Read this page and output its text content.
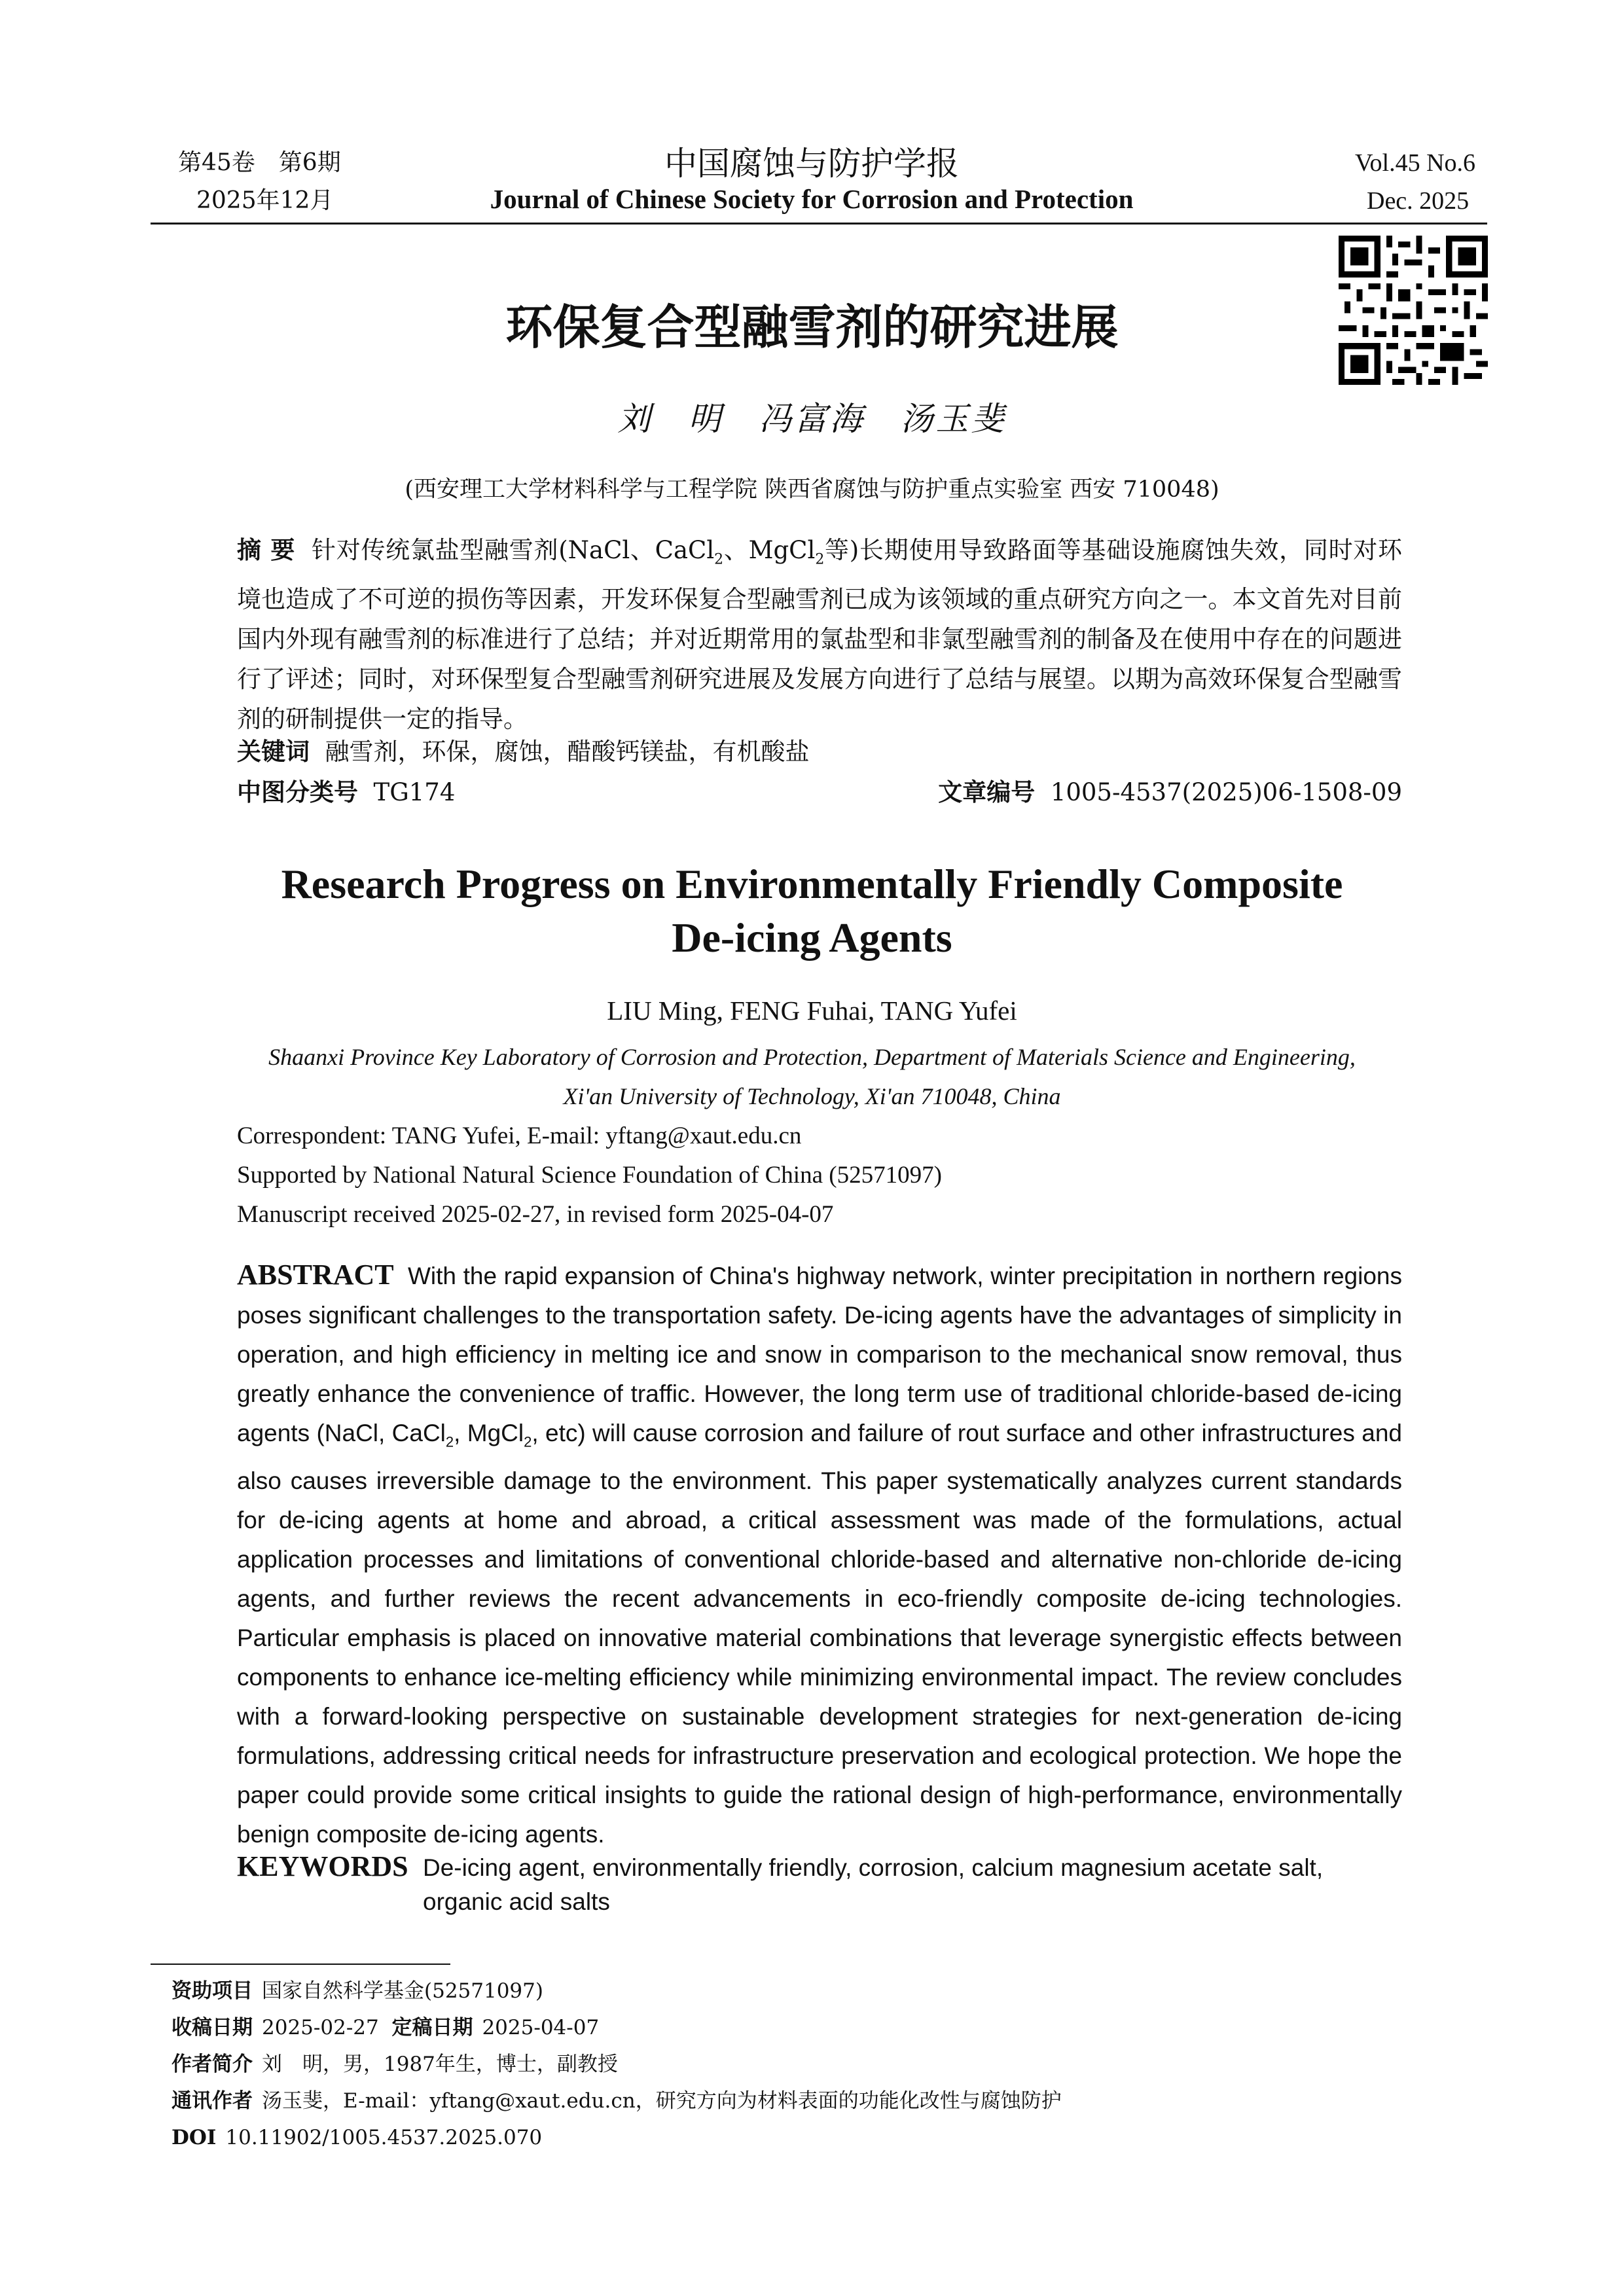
第45卷　第6期
2025年12月
中国腐蚀与防护学报
Journal of Chinese Society for Corrosion and Protection
Vol.45 No.6
Dec. 2025
环保复合型融雪剂的研究进展
刘　明　冯富海　汤玉斐
(西安理工大学材料科学与工程学院 陕西省腐蚀与防护重点实验室 西安 710048)
摘 要 针对传统氯盐型融雪剂(NaCl、CaCl$_2$、MgCl$_2$等)长期使用导致路面等基础设施腐蚀失效，同时对环境也造成了不可逆的损伤等因素，开发环保复合型融雪剂已成为该领域的重点研究方向之一。本文首先对目前国内外现有融雪剂的标准进行了总结；并对近期常用的氯盐型和非氯型融雪剂的制备及在使用中存在的问题进行了评述；同时，对环保型复合型融雪剂研究进展及发展方向进行了总结与展望。以期为高效环保复合型融雪剂的研制提供一定的指导。
关键词 融雪剂，环保，腐蚀，醋酸钙镁盐，有机酸盐
中图分类号 TG174	文章编号 1005-4537(2025)06-1508-09
Research Progress on Environmentally Friendly Composite
De-icing Agents
LIU Ming, FENG Fuhai, TANG Yufei
Shaanxi Province Key Laboratory of Corrosion and Protection, Department of Materials Science and Engineering,
Xi'an University of Technology, Xi'an 710048, China
Correspondent: TANG Yufei, E-mail: yftang@xaut.edu.cn
Supported by National Natural Science Foundation of China (52571097)
Manuscript received 2025-02-27, in revised form 2025-04-07
ABSTRACT With the rapid expansion of China's highway network, winter precipitation in northern regions poses significant challenges to the transportation safety. De-icing agents have the advantages of simplicity in operation, and high efficiency in melting ice and snow in comparison to the mechanical snow removal, thus greatly enhance the convenience of traffic. However, the long term use of traditional chloride-based de-icing agents (NaCl, CaCl$_2$, MgCl$_2$, etc) will cause corrosion and failure of rout surface and other infrastructures and also causes irreversible damage to the environment. This paper systematically analyzes current standards for de-icing agents at home and abroad, a critical assessment was made of the formulations, actual application processes and limitations of conventional chloride-based and alternative non-chloride de-icing agents, and further reviews the recent advancements in eco-friendly composite de-icing technologies. Particular emphasis is placed on innovative material combinations that leverage synergistic effects between components to enhance ice-melting efficiency while minimizing environmental impact. The review concludes with a forward-looking perspective on sustainable development strategies for next-generation de-icing formulations, addressing critical needs for infrastructure preservation and ecological protection. We hope the paper could provide some critical insights to guide the rational design of high-performance, environmentally benign composite de-icing agents.
KEYWORDS De-icing agent, environmentally friendly, corrosion, calcium magnesium acetate salt, organic acid salts
资助项目 国家自然科学基金(52571097)
收稿日期 2025-02-27 定稿日期 2025-04-07
作者简介 刘　明，男，1987年生，博士，副教授
通讯作者 汤玉斐，E-mail：yftang@xaut.edu.cn，研究方向为材料表面的功能化改性与腐蚀防护
DOI 10.11902/1005.4537.2025.070
